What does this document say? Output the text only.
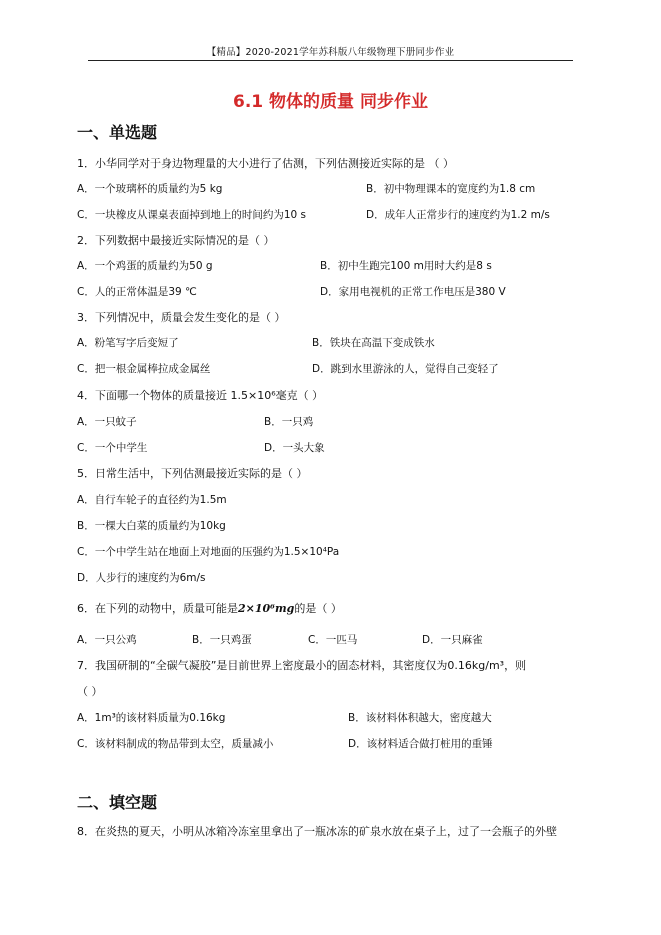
【精品】2020-2021学年苏科版八年级物理下册同步作业
6.1 物体的质量 同步作业
一、单选题
1．小华同学对于身边物理量的大小进行了估测，下列估测接近实际的是 （ ）
A．一个玻璃杯的质量约为5 kg	B．初中物理课本的宽度约为1.8 cm
C．一块橡皮从课桌表面掉到地上的时间约为10 s	D．成年人正常步行的速度约为1.2 m/s
2．下列数据中最接近实际情况的是（ ）
A．一个鸡蛋的质量约为50 g	B．初中生跑完100 m用时大约是8 s
C．人的正常体温是39 ℃	D．家用电视机的正常工作电压是380 V
3．下列情况中，质量会发生变化的是（ ）
A．粉笔写字后变短了	B．铁块在高温下变成铁水
C．把一根金属棒拉成金属丝	D．跳到水里游泳的人，觉得自己变轻了
4．下面哪一个物体的质量接近 1.5×10⁶毫克（ ）
A．一只蚊子	B．一只鸡
C．一个中学生	D．一头大象
5．日常生活中，下列估测最接近实际的是（ ）
A．自行车轮子的直径约为1.5m
B．一棵大白菜的质量约为10kg
C．一个中学生站在地面上对地面的压强约为1.5×10⁴Pa
D．人步行的速度约为6m/s
6．在下列的动物中，质量可能是2×10⁶mg的是（ ）
A．一只公鸡	B．一只鸡蛋	C．一匹马	D．一只麻雀
7．我国研制的“全碳气凝胶”是目前世界上密度最小的固态材料，其密度仅为0.16kg/m³，则
（ ）
A．1m³的该材料质量为0.16kg	B．该材料体积越大，密度越大
C．该材料制成的物品带到太空，质量减小	D．该材料适合做打桩用的重锤
二、填空题
8．在炎热的夏天，小明从冰箱冷冻室里拿出了一瓶冰冻的矿泉水放在桌子上，过了一会瓶子的外壁
